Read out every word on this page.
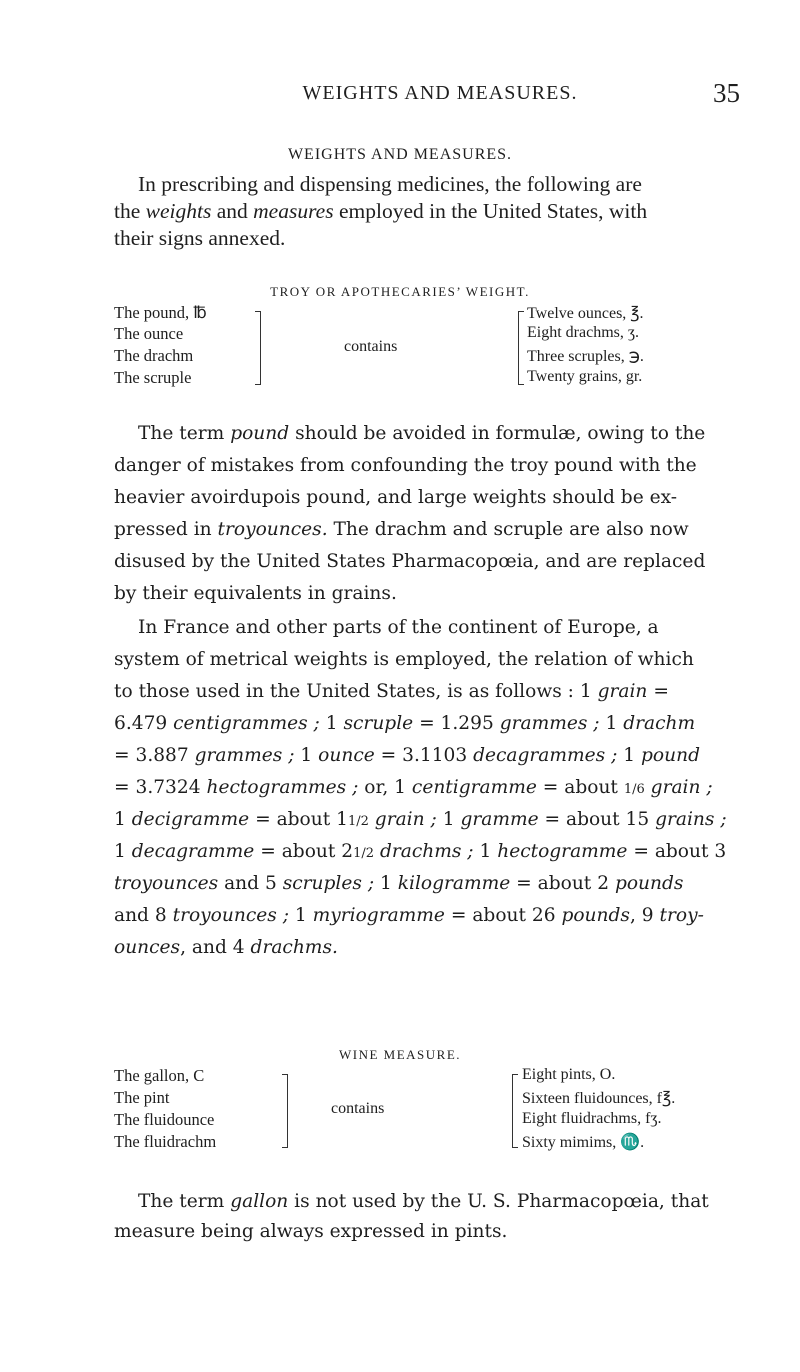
WEIGHTS AND MEASURES.	35
WEIGHTS AND MEASURES.
In prescribing and dispensing medicines, the following are
the weights and measures employed in the United States, with
their signs annexed.
TROY OR APOTHECARIES’ WEIGHT.
The pound, ℔
The ounce
The drachm
The scruple
contains
Twelve ounces, ℥.
Eight drachms, ʒ.
Three scruples, ℈.
Twenty grains, gr.
The term pound should be avoided in formulæ, owing to the
danger of mistakes from confounding the troy pound with the
heavier avoirdupois pound, and large weights should be ex-
pressed in troyounces. The drachm and scruple are also now
disused by the United States Pharmacopœia, and are replaced
by their equivalents in grains.
In France and other parts of the continent of Europe, a
system of metrical weights is employed, the relation of which
to those used in the United States, is as follows : 1 grain =
6.479 centigrammes ; 1 scruple = 1.295 grammes ; 1 drachm
= 3.887 grammes ; 1 ounce = 3.1103 decagrammes ; 1 pound
= 3.7324 hectogrammes ; or, 1 centigramme = about 1/6 grain ;
1 decigramme = about 11/2 grain ; 1 gramme = about 15 grains ;
1 decagramme = about 21/2 drachms ; 1 hectogramme = about 3
troyounces and 5 scruples ; 1 kilogramme = about 2 pounds
and 8 troyounces ; 1 myriogramme = about 26 pounds, 9 troy-
ounces, and 4 drachms.
WINE MEASURE.
The gallon, C
The pint
The fluidounce
The fluidrachm
contains
Eight pints, O.
Sixteen fluidounces, f℥.
Eight fluidrachms, fʒ.
Sixty mimims, ♏.
The term gallon is not used by the U. S. Pharmacopœia, that
measure being always expressed in pints.
